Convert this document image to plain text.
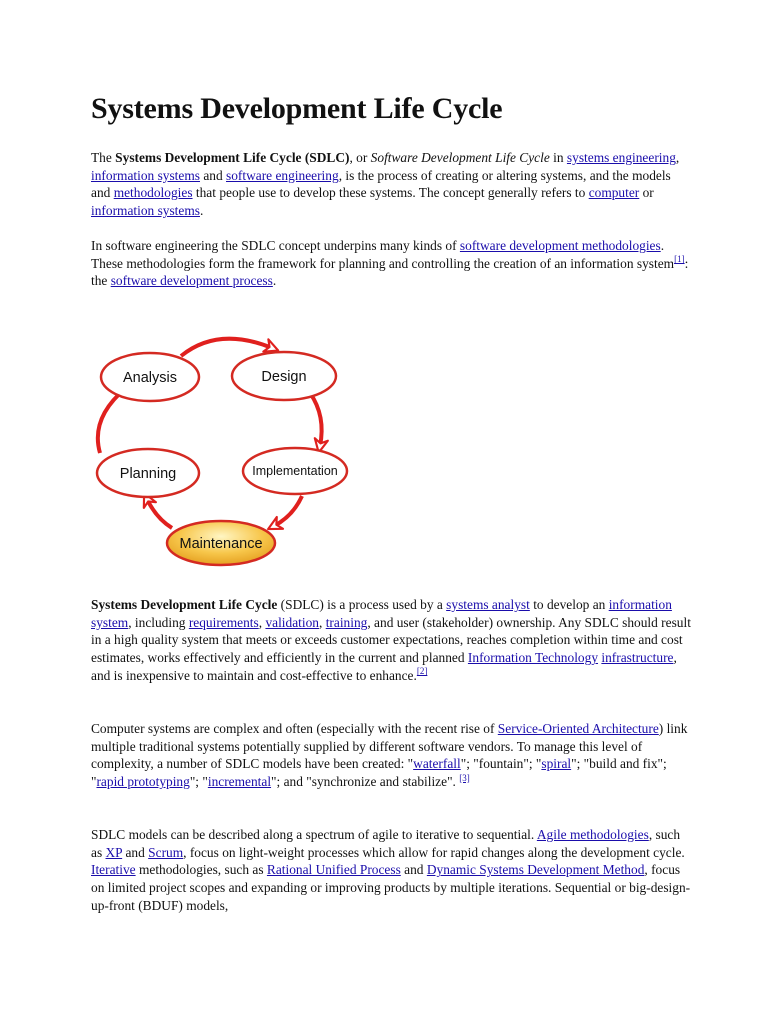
Systems Development Life Cycle

The Systems Development Life Cycle (SDLC), or Software Development Life Cycle in systems engineering, information systems and software engineering, is the process of creating or altering systems, and the models and methodologies that people use to develop these systems. The concept generally refers to computer or information systems.

In software engineering the SDLC concept underpins many kinds of software development methodologies. These methodologies form the framework for planning and controlling the creation of an information system[1]: the software development process.

Analysis	Design
Implementation
Planning
Maintenance

Systems Development Life Cycle (SDLC) is a process used by a systems analyst to develop an information system, including requirements, validation, training, and user (stakeholder) ownership. Any SDLC should result in a high quality system that meets or exceeds customer expectations, reaches completion within time and cost estimates, works effectively and efficiently in the current and planned Information Technology infrastructure, and is inexpensive to maintain and cost-effective to enhance.[2]

Computer systems are complex and often (especially with the recent rise of Service-Oriented Architecture) link multiple traditional systems potentially supplied by different software vendors. To manage this level of complexity, a number of SDLC models have been created: "waterfall"; "fountain"; "spiral"; "build and fix"; "rapid prototyping"; "incremental"; and "synchronize and stabilize". [3]

SDLC models can be described along a spectrum of agile to iterative to sequential. Agile methodologies, such as XP and Scrum, focus on light-weight processes which allow for rapid changes along the development cycle. Iterative methodologies, such as Rational Unified Process and Dynamic Systems Development Method, focus on limited project scopes and expanding or improving products by multiple iterations. Sequential or big-design-up-front (BDUF) models,
